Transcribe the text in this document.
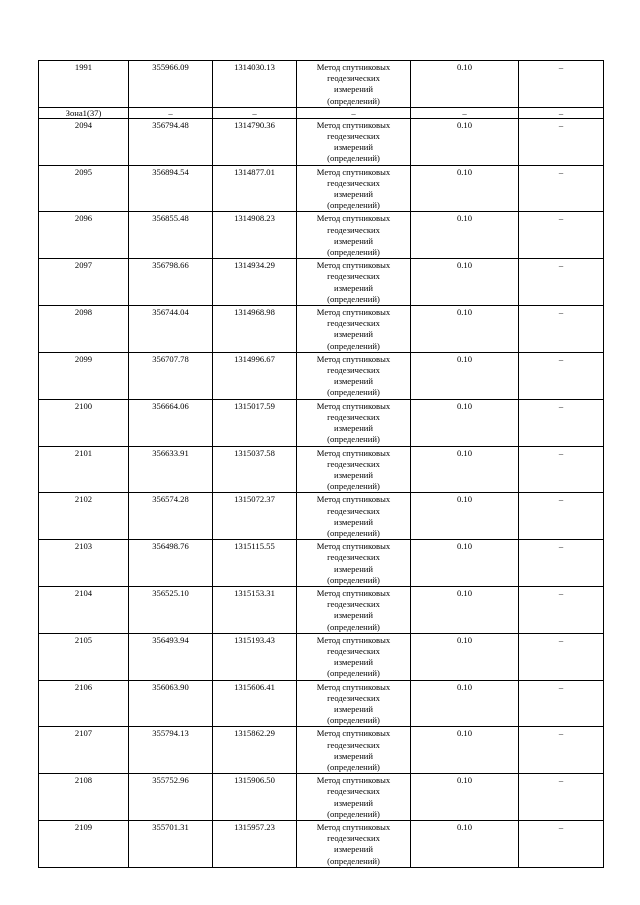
1991	355966.09	1314030.13	Метод спутниковых
геодезических
измерений
(определений)	0.10	–
Зона1(37)	–	–	–	–	–
2094	356794.48	1314790.36	Метод спутниковых
геодезических
измерений
(определений)	0.10	–
2095	356894.54	1314877.01	Метод спутниковых
геодезических
измерений
(определений)	0.10	–
2096	356855.48	1314908.23	Метод спутниковых
геодезических
измерений
(определений)	0.10	–
2097	356798.66	1314934.29	Метод спутниковых
геодезических
измерений
(определений)	0.10	–
2098	356744.04	1314968.98	Метод спутниковых
геодезических
измерений
(определений)	0.10	–
2099	356707.78	1314996.67	Метод спутниковых
геодезических
измерений
(определений)	0.10	–
2100	356664.06	1315017.59	Метод спутниковых
геодезических
измерений
(определений)	0.10	–
2101	356633.91	1315037.58	Метод спутниковых
геодезических
измерений
(определений)	0.10	–
2102	356574.28	1315072.37	Метод спутниковых
геодезических
измерений
(определений)	0.10	–
2103	356498.76	1315115.55	Метод спутниковых
геодезических
измерений
(определений)	0.10	–
2104	356525.10	1315153.31	Метод спутниковых
геодезических
измерений
(определений)	0.10	–
2105	356493.94	1315193.43	Метод спутниковых
геодезических
измерений
(определений)	0.10	–
2106	356063.90	1315606.41	Метод спутниковых
геодезических
измерений
(определений)	0.10	–
2107	355794.13	1315862.29	Метод спутниковых
геодезических
измерений
(определений)	0.10	–
2108	355752.96	1315906.50	Метод спутниковых
геодезических
измерений
(определений)	0.10	–
2109	355701.31	1315957.23	Метод спутниковых
геодезических
измерений
(определений)	0.10	–
